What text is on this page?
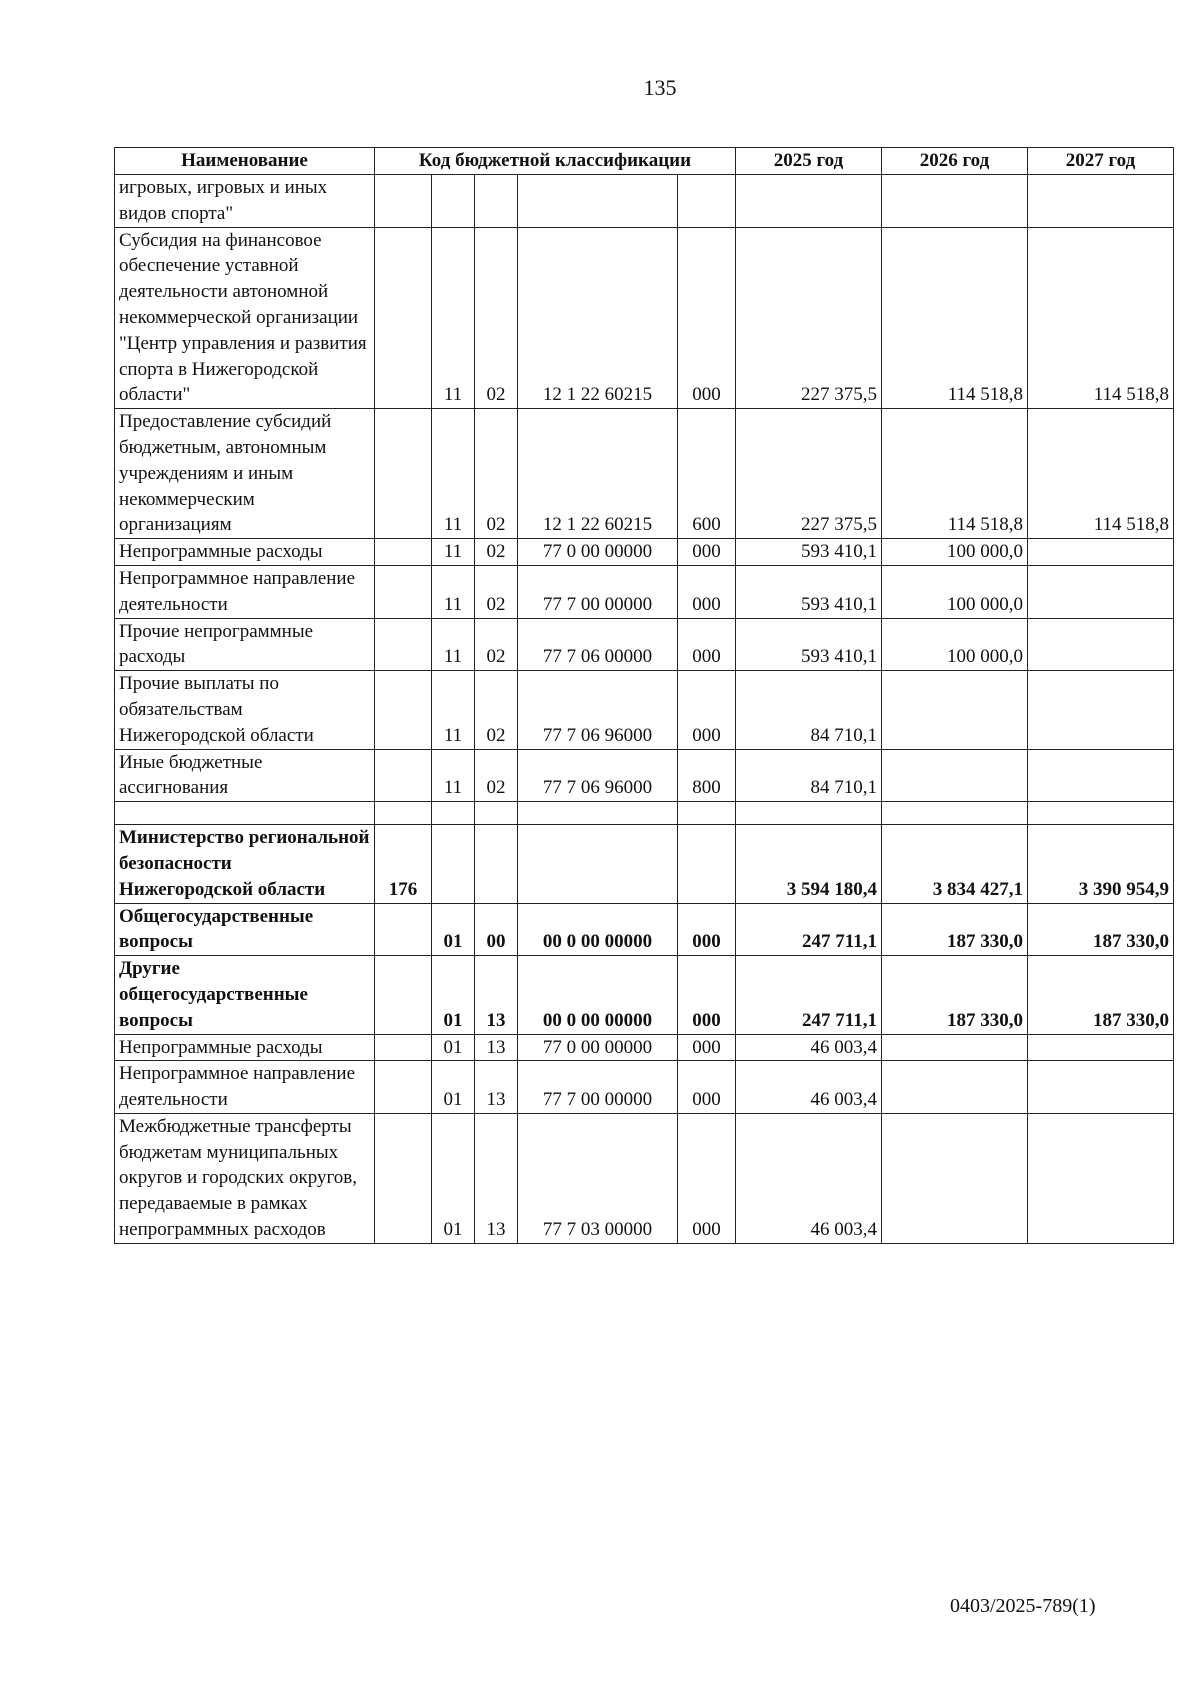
135
Наименование	Код бюджетной классификации					2025 год	2026 год	2027 год
игровых, игровых и иных видов спорта"								
Субсидия на финансовое обеспечение уставной деятельности автономной некоммерческой организации "Центр управления и развития спорта в Нижегородской области"		11	02	12 1 22 60215	000	227 375,5	114 518,8	114 518,8
Предоставление субсидий бюджетным, автономным учреждениям и иным некоммерческим организациям		11	02	12 1 22 60215	600	227 375,5	114 518,8	114 518,8
Непрограммные расходы		11	02	77 0 00 00000	000	593 410,1	100 000,0	
Непрограммное направление деятельности		11	02	77 7 00 00000	000	593 410,1	100 000,0	
Прочие непрограммные расходы		11	02	77 7 06 00000	000	593 410,1	100 000,0	
Прочие выплаты по обязательствам Нижегородской области		11	02	77 7 06 96000	000	84 710,1		
Иные бюджетные ассигнования		11	02	77 7 06 96000	800	84 710,1		

Министерство региональной безопасности Нижегородской области	176					3 594 180,4	3 834 427,1	3 390 954,9
Общегосударственные вопросы		01	00	00 0 00 00000	000	247 711,1	187 330,0	187 330,0
Другие общегосударственные вопросы		01	13	00 0 00 00000	000	247 711,1	187 330,0	187 330,0
Непрограммные расходы		01	13	77 0 00 00000	000	46 003,4		
Непрограммное направление деятельности		01	13	77 7 00 00000	000	46 003,4		
Межбюджетные трансферты бюджетам муниципальных округов и городских округов, передаваемые в рамках непрограммных расходов		01	13	77 7 03 00000	000	46 003,4		
0403/2025-789(1)
